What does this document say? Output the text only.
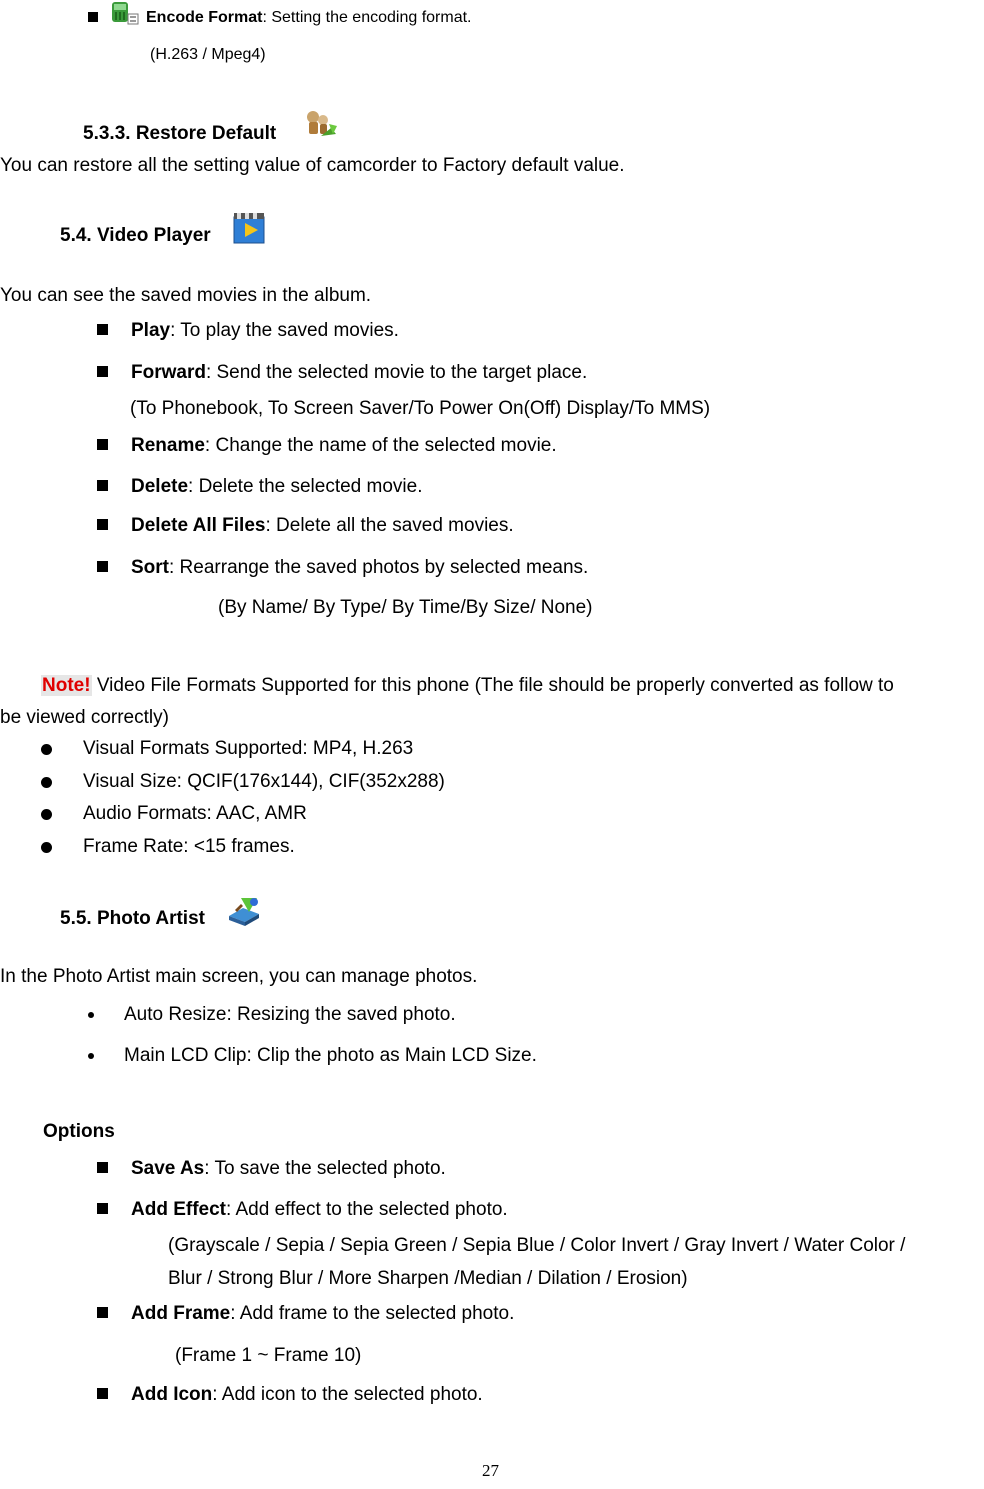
Encode Format: Setting the encoding format.
(H.263 / Mpeg4)
5.3.3. Restore Default
You can restore all the setting value of camcorder to Factory default value.
5.4. Video Player
You can see the saved movies in the album.
Play: To play the saved movies.
Forward: Send the selected movie to the target place.
(To Phonebook, To Screen Saver/To Power On(Off) Display/To MMS)
Rename: Change the name of the selected movie.
Delete: Delete the selected movie.
Delete All Files: Delete all the saved movies.
Sort: Rearrange the saved photos by selected means.
(By Name/ By Type/ By Time/By Size/ None)
Note! Video File Formats Supported for this phone (The file should be properly converted as follow to
be viewed correctly)
Visual Formats Supported: MP4, H.263
Visual Size: QCIF(176x144), CIF(352x288)
Audio Formats: AAC, AMR
Frame Rate: <15 frames.
5.5. Photo Artist
In the Photo Artist main screen, you can manage photos.
Auto Resize: Resizing the saved photo.
Main LCD Clip: Clip the photo as Main LCD Size.
Options
Save As: To save the selected photo.
Add Effect: Add effect to the selected photo.
(Grayscale / Sepia / Sepia Green / Sepia Blue / Color Invert / Gray Invert / Water Color /
Blur / Strong Blur / More Sharpen /Median / Dilation / Erosion)
Add Frame: Add frame to the selected photo.
(Frame 1 ~ Frame 10)
Add Icon: Add icon to the selected photo.
27
